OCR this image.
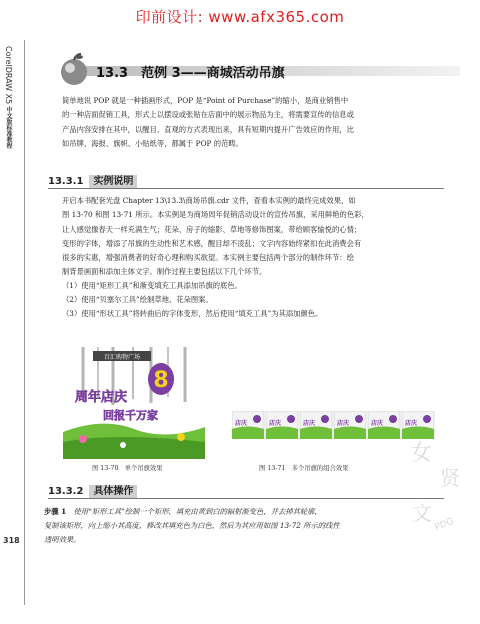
印前设计: www.afx365.com
CorelDRAW X5 中文版标准教程
318
13.3　范例 3——商城活动吊旗
简单地说 POP 就是一种插画形式，POP 是“Point of Purchase”的缩小，是商业销售中
的一种店面促销工具，形式上以摆设或张贴在店面中的展示物品为主，将需要宣传的信息或
产品内容安排在其中，以醒目、直观的方式表现出来，具有短期内提升广告效应的作用，比
如吊牌、海报、旗帜、小贴纸等，都属于 POP 的范畴。
13.3.1 实例说明
开启本书配套光盘 Chapter 13\13.3\商场吊旗.cdr 文件，查看本实例的最终完成效果，如
图 13-70 和图 13-71 所示。本实例是为商场周年促销活动设计的宣传吊旗，采用鲜艳的色彩，
让人感觉像春天一样充满生气；花朵、房子的缩影、草地等修饰图案，带给顾客愉悦的心情；
变形的字体，增添了吊旗的生动性和艺术感，醒目却不凌乱；文字内容始终紧扣在此消费会有
很多的实惠，增强消费者的好奇心理和购买欲望。本实例主要包括两个部分的制作环节：绘
制背景画面和添加主体文字。制作过程主要包括以下几个环节。
（1）使用“矩形工具”和渐变填充工具添加吊旗的底色。
（2）使用“贝塞尔工具”绘制草地、花朵图案。
（3）使用“形状工具”将转曲后的字体变形，然后使用“填充工具”为其添加颜色。
百汇购物广场
8
周年店庆
回报千万家
图 13-70　单个吊旗效果
店庆
图 13-71　多个吊旗的组合效果
13.3.2 具体操作
步骤 1　 使用“矩形工具”绘制一个矩形，填充由黄到白的辐射渐变色，并去掉其轮廓，
复制该矩形，向上缩小其高度，修改其填充色为白色，然后为其应用如图 13-72 所示的线性
透明效果。
女
贤
文 PDG
